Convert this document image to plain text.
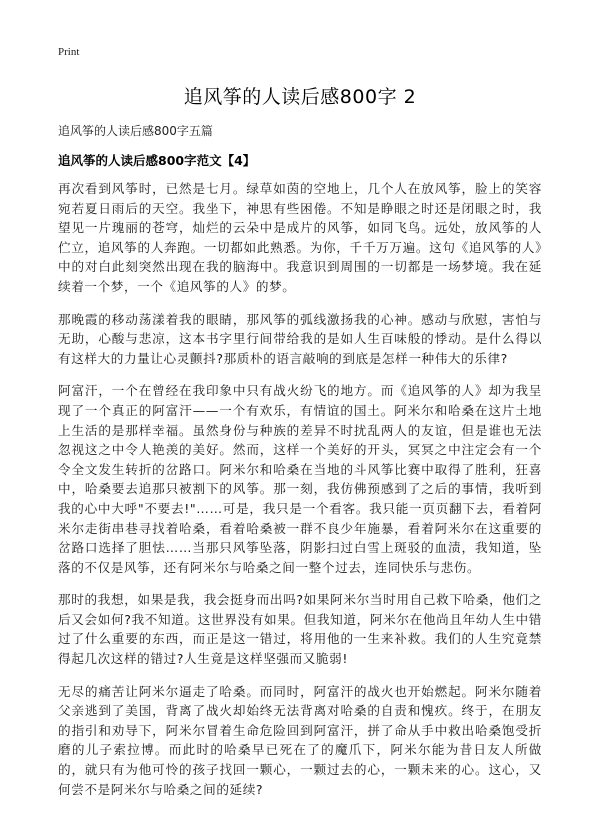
Print
追风筝的人读后感800字 2
追风筝的人读后感800字五篇
追风筝的人读后感800字范文【4】

再次看到风筝时，已然是七月。绿草如茵的空地上，几个人在放风筝，脸上的笑容宛若夏日雨后的天空。我坐下，神思有些困倦。不知是睁眼之时还是闭眼之时，我望见一片瑰丽的苍穹，灿烂的云朵中是成片的风筝，如同飞鸟。远处，放风筝的人伫立，追风筝的人奔跑。一切都如此熟悉。为你，千千万万遍。这句《追风筝的人》中的对白此刻突然出现在我的脑海中。我意识到周围的一切都是一场梦境。我在延续着一个梦，一个《追风筝的人》的梦。

那晚霞的移动荡漾着我的眼睛，那风筝的弧线激扬我的心神。感动与欣慰，害怕与无助，心酸与悲凉，这本书字里行间带给我的是如人生百味般的悸动。是什么得以有这样大的力量让心灵颤抖?那质朴的语言敲响的到底是怎样一种伟大的乐律?

阿富汗，一个在曾经在我印象中只有战火纷飞的地方。而《追风筝的人》却为我呈现了一个真正的阿富汗——一个有欢乐，有情谊的国土。阿米尔和哈桑在这片土地上生活的是那样幸福。虽然身份与种族的差异不时扰乱两人的友谊，但是谁也无法忽视这之中令人艳羡的美好。然而，这样一个美好的开头，冥冥之中注定会有一个令全文发生转折的岔路口。阿米尔和哈桑在当地的斗风筝比赛中取得了胜利，狂喜中，哈桑要去追那只被割下的风筝。那一刻，我仿佛预感到了之后的事情，我听到我的心中大呼"不要去!"……可是，我只是一个看客。我只能一页页翻下去，看着阿米尔走街串巷寻找着哈桑，看着哈桑被一群不良少年施暴，看着阿米尔在这重要的岔路口选择了胆怯……当那只风筝坠落，阴影扫过白雪上斑驳的血渍，我知道，坠落的不仅是风筝，还有阿米尔与哈桑之间一整个过去，连同快乐与悲伤。

那时的我想，如果是我，我会挺身而出吗?如果阿米尔当时用自己救下哈桑，他们之后又会如何?我不知道。这世界没有如果。但我知道，阿米尔在他尚且年幼人生中错过了什么重要的东西，而正是这一错过，将用他的一生来补救。我们的人生究竟禁得起几次这样的错过?人生竟是这样坚强而又脆弱!

无尽的痛苦让阿米尔逼走了哈桑。而同时，阿富汗的战火也开始燃起。阿米尔随着父亲逃到了美国，背离了战火却始终无法背离对哈桑的自责和愧疚。终于，在朋友的指引和劝导下，阿米尔冒着生命危险回到阿富汗，拼了命从手中救出哈桑饱受折磨的儿子索拉博。而此时的哈桑早已死在了的魔爪下，阿米尔能为昔日友人所做的，就只有为他可怜的孩子找回一颗心，一颗过去的心，一颗未来的心。这心，又何尝不是阿米尔与哈桑之间的延续?
